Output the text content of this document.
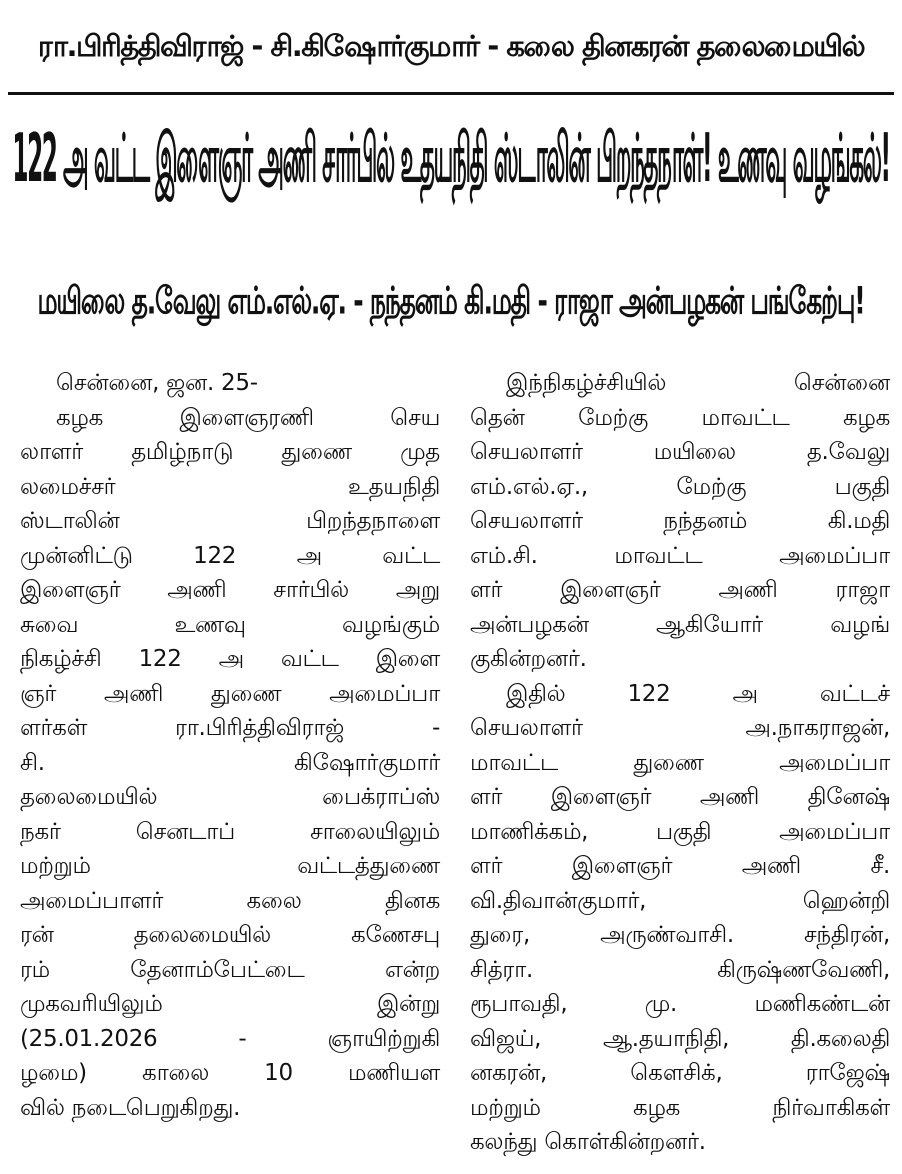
ரா.பிரித்திவிராஜ் - சி.கிஷோர்குமார் - கலை தினகரன் தலைமையில்
122 அ வட்ட இளைஞர் அணி சார்பில் உதயநிதி ஸ்டாலின் பிறந்தநாள்! உணவு வழங்கல்!
மயிலை த.வேலு எம்.எல்.ஏ. - நந்தனம் கி.மதி - ராஜா அன்பழகன் பங்கேற்பு!

சென்னை, ஜன. 25-

கழக இளைஞரணி செய

லாளர் தமிழ்நாடு துணை முத

லமைச்சர் உதயநிதி

ஸ்டாலின் பிறந்தநாளை

முன்னிட்டு 122 அ வட்ட

இளைஞர் அணி சார்பில் அறு

சுவை உணவு வழங்கும்

நிகழ்ச்சி 122 அ வட்ட இளை

ஞர் அணி துணை அமைப்பா

ளர்கள் ரா.பிரித்திவிராஜ் -

சி. கிஷோர்குமார்

தலைமையில் பைக்ராப்ஸ்

நகர் செனடாப் சாலையிலும்

மற்றும் வட்டத்துணை

அமைப்பாளர் கலை தினக

ரன் தலைமையில் கணேசபு

ரம் தேனாம்பேட்டை என்ற

முகவரியிலும் இன்று

(25.01.2026 - ஞாயிற்றுகி

ழமை) காலை 10 மணியள

வில் நடைபெறுகிறது.

இந்நிகழ்ச்சியில் சென்னை

தென் மேற்கு மாவட்ட கழக

செயலாளர் மயிலை த.வேலு

எம்.எல்.ஏ., மேற்கு பகுதி

செயலாளர் நந்தனம் கி.மதி

எம்.சி. மாவட்ட அமைப்பா

ளர் இளைஞர் அணி ராஜா

அன்பழகன் ஆகியோர் வழங்

குகின்றனர்.

இதில் 122 அ வட்டச்

செயலாளர் அ.நாகராஜன்,

மாவட்ட துணை அமைப்பா

ளர் இளைஞர் அணி தினேஷ்

மாணிக்கம், பகுதி அமைப்பா

ளர் இளைஞர் அணி சீ.

வி.திவான்குமார், ஹென்றி

துரை, அருண்வாசி. சந்திரன்,

சித்ரா. கிருஷ்ணவேணி,

ரூபாவதி, மு. மணிகண்டன்

விஜய், ஆ.தயாநிதி, தி.கலைதி

னகரன், கௌசிக், ராஜேஷ்

மற்றும் கழக நிர்வாகிகள்

கலந்து கொள்கின்றனர்.
